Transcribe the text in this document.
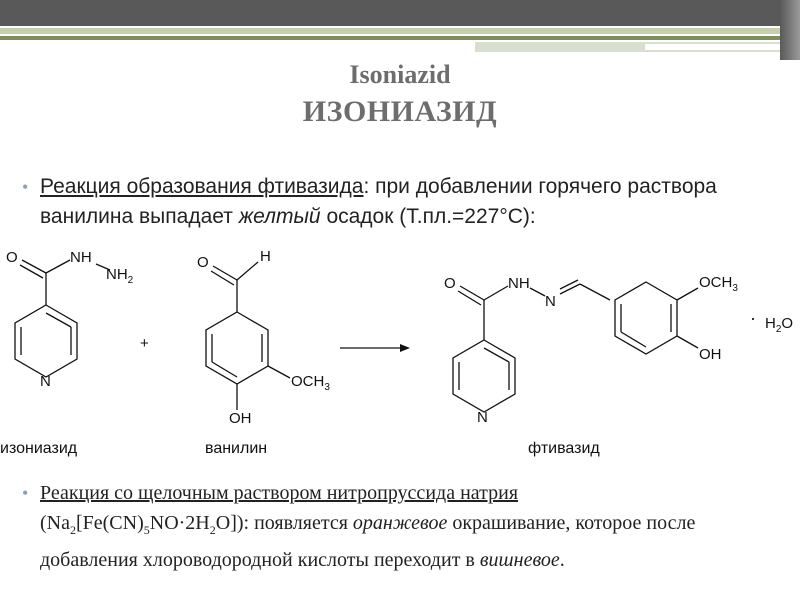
Isoniazid
ИЗОНИАЗИД
• Реакция образования фтивазида: при добавлении горячего раствора ванилина выпадает желтый осадок (Т.пл.=227°С):
O	NH
$NH_2$
N
изониазид
+
O	H
$OCH_3$
OH
ванилин
O	NH
N
$OCH_3$
OH
N
фтивазид
· $H_2O$
• Реакция со щелочным раствором нитропруссида натрия
$(Na_2[Fe(CN)_5NO\cdot 2H_2O])$: появляется оранжевое окрашивание, которое после добавления хлороводородной кислоты переходит в вишневое.
